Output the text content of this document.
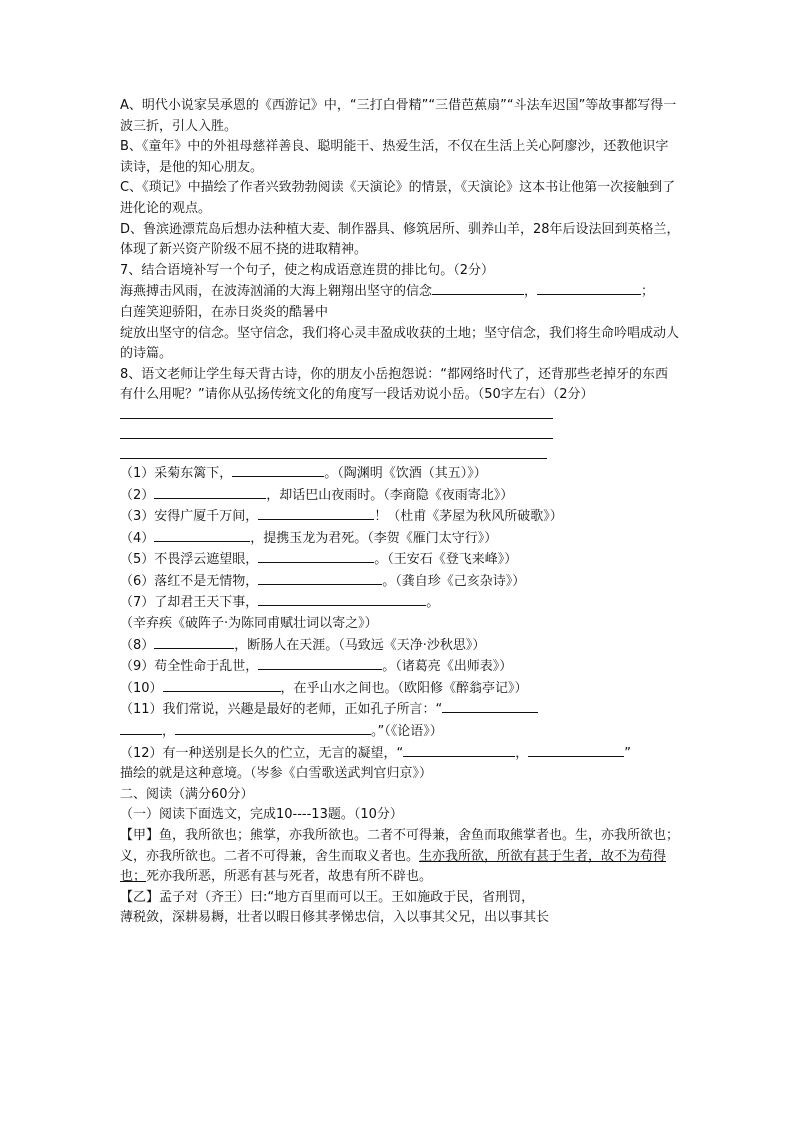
A、明代小说家吴承恩的《西游记》中，“三打白骨精”“三借芭蕉扇”“斗法车迟国”等故事都写得一波三折，引人入胜。

B、《童年》中的外祖母慈祥善良、聪明能干、热爱生活，不仅在生活上关心阿廖沙，还教他识字读诗，是他的知心朋友。

C、《琐记》中描绘了作者兴致勃勃阅读《天演论》的情景，《天演论》这本书让他第一次接触到了进化论的观点。

D、鲁滨逊漂荒岛后想办法种植大麦、制作器具、修筑居所、驯养山羊，28年后设法回到英格兰，体现了新兴资产阶级不屈不挠的进取精神。

7、结合语境补写一个句子，使之构成语意连贯的排比句。（2分）

海燕搏击风雨，在波涛汹涌的大海上翱翔出坚守的信念	，	；

白莲笑迎骄阳，在赤日炎炎的酷暑中

绽放出坚守的信念。坚守信念，我们将心灵丰盈成收获的土地；坚守信念，我们将生命吟唱成动人的诗篇。

8、语文老师让学生每天背古诗，你的朋友小岳抱怨说：“都网络时代了，还背那些老掉牙的东西有什么用呢？”请你从弘扬传统文化的角度写一段话劝说小岳。（50字左右）（2分）

（1）采菊东篱下，	。（陶渊明《饮酒（其五）》）

（2）	，却话巴山夜雨时。（李商隐《夜雨寄北》）

（3）安得广厦千万间，	！（杜甫《茅屋为秋风所破歌》）

（4）	，提携玉龙为君死。（李贺《雁门太守行》）

（5）不畏浮云遮望眼，	。（王安石《登飞来峰》）

（6）落红不是无情物，	。（龚自珍《己亥杂诗》）

（7）了却君王天下事，	。

（辛弃疾《破阵子·为陈同甫赋壮词以寄之》）

（8）	，断肠人在天涯。（马致远《天净·沙秋思》）

（9）苟全性命于乱世，	。（诸葛亮《出师表》）

（10）	，在乎山水之间也。（欧阳修《醉翁亭记》）

（11）我们常说，兴趣是最好的老师，正如孔子所言：“

，	。”（《论语》）

（12）有一种送别是长久的伫立，无言的凝望，“	，	”

描绘的就是这种意境。（岑参《白雪歌送武判官归京》）

二、阅读（满分60分）

（一）阅读下面选文，完成10----13题。（10分）

【甲】鱼，我所欲也；熊掌，亦我所欲也。二者不可得兼，舍鱼而取熊掌者也。生，亦我所欲也；义，亦我所欲也。二者不可得兼，舍生而取义者也。生亦我所欲，所欲有甚于生者，故不为苟得也；死亦我所恶，所恶有甚与死者，故患有所不辟也。

【乙】孟子对（齐王）曰:“地方百里而可以王。王如施政于民，省刑罚，

薄税敛，深耕易耨，壮者以暇日修其孝悌忠信，入以事其父兄，出以事其长
